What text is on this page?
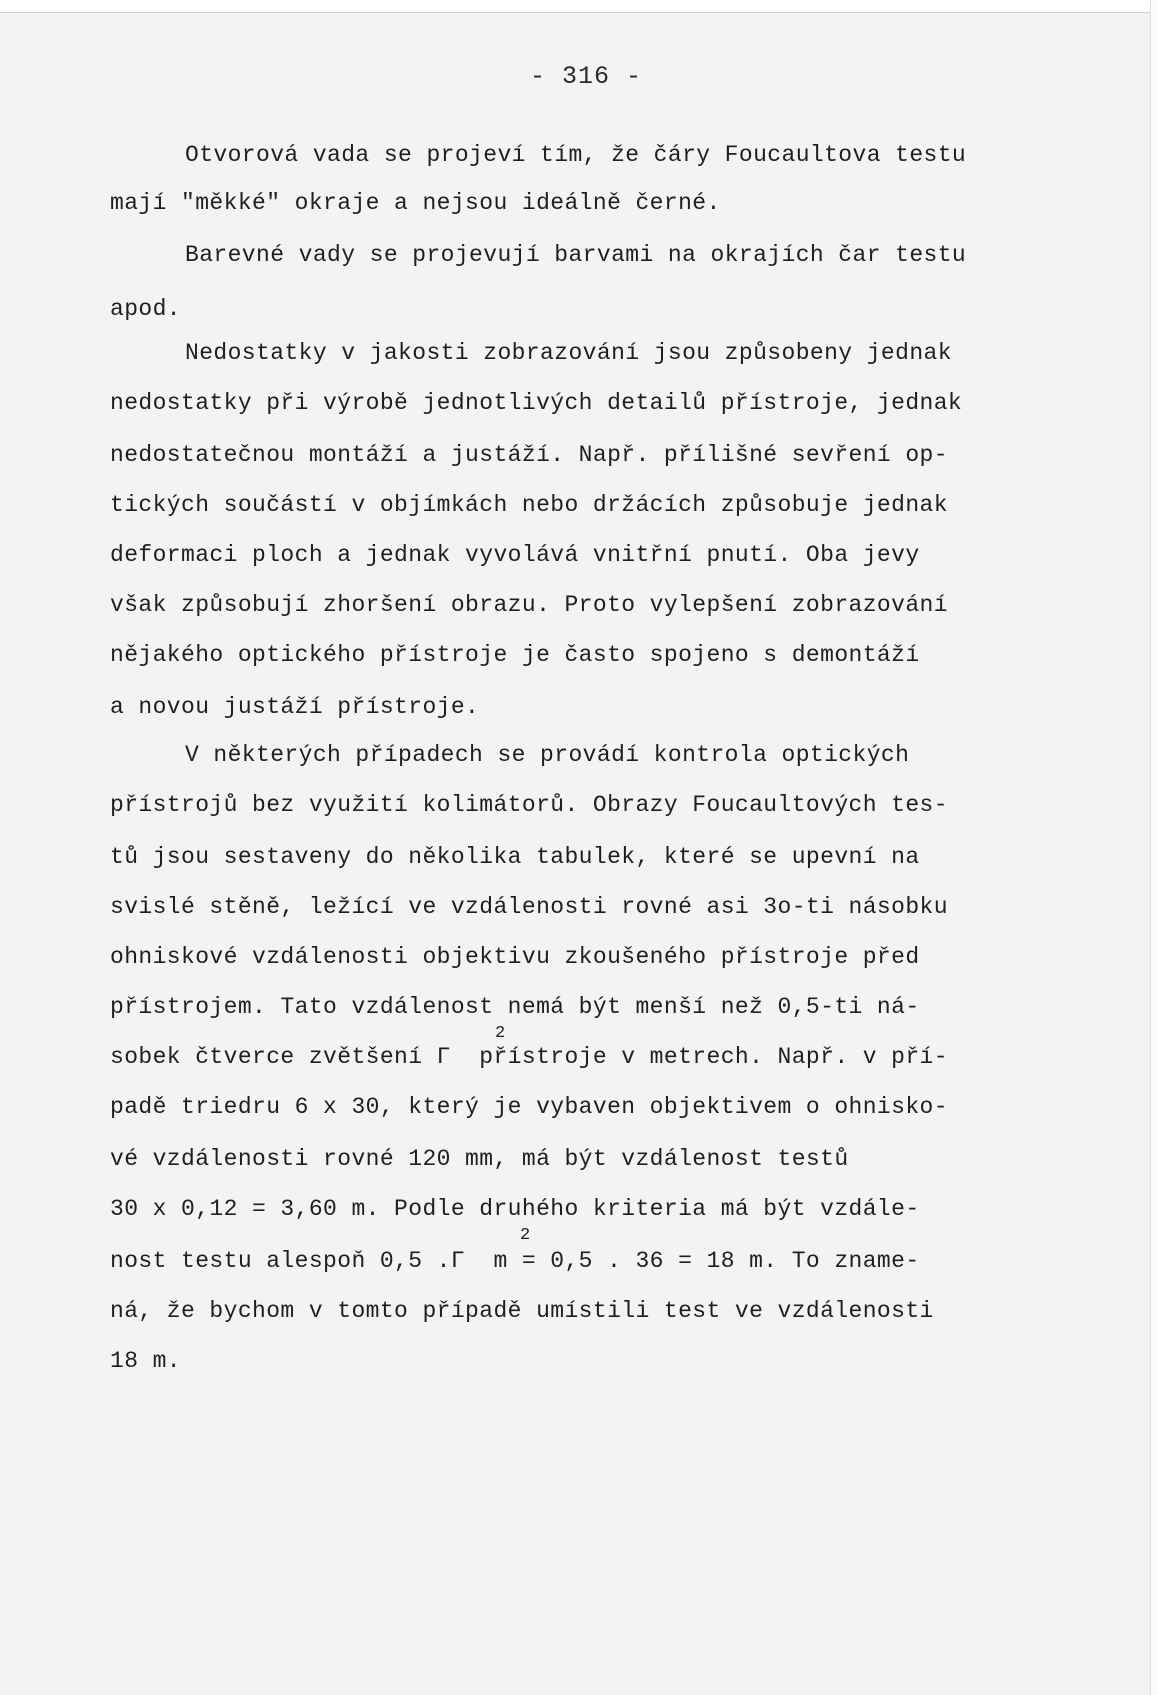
- 316 -
Otvorová vada se projeví tím, že čáry Foucaultova testu
mají "měkké" okraje a nejsou ideálně černé.
Barevné vady se projevují barvami na okrajích čar testu
apod.
Nedostatky v jakosti zobrazování jsou způsobeny jednak
nedostatky při výrobě jednotlivých detailů přístroje, jednak
nedostatečnou montáží a justáží. Např. přílišné sevření op-
tických součástí v objímkách nebo držácích způsobuje jednak
deformaci ploch a jednak vyvolává vnitřní pnutí. Oba jevy
však způsobují zhoršení obrazu. Proto vylepšení zobrazování
nějakého optického přístroje je často spojeno s demontáží
a novou justáží přístroje.
V některých případech se provádí kontrola optických
přístrojů bez využití kolimátorů. Obrazy Foucaultových tes-
tů jsou sestaveny do několika tabulek, které se upevní na
svislé stěně, ležící ve vzdálenosti rovné asi 3o-ti násobku
ohniskové vzdálenosti objektivu zkoušeného přístroje před
přístrojem. Tato vzdálenost nemá být menší než 0,5-ti ná-
sobek čtverce zvětšení Γ  přístroje v metrech. Např. v pří-
2
padě triedru 6 x 30, který je vybaven objektivem o ohnisko-
vé vzdálenosti rovné 120 mm, má být vzdálenost testů
30 x 0,12 = 3,60 m. Podle druhého kriteria má být vzdále-
nost testu alespoň 0,5 .Γ  m = 0,5 . 36 = 18 m. To zname-
2
ná, že bychom v tomto případě umístili test ve vzdálenosti
18 m.
